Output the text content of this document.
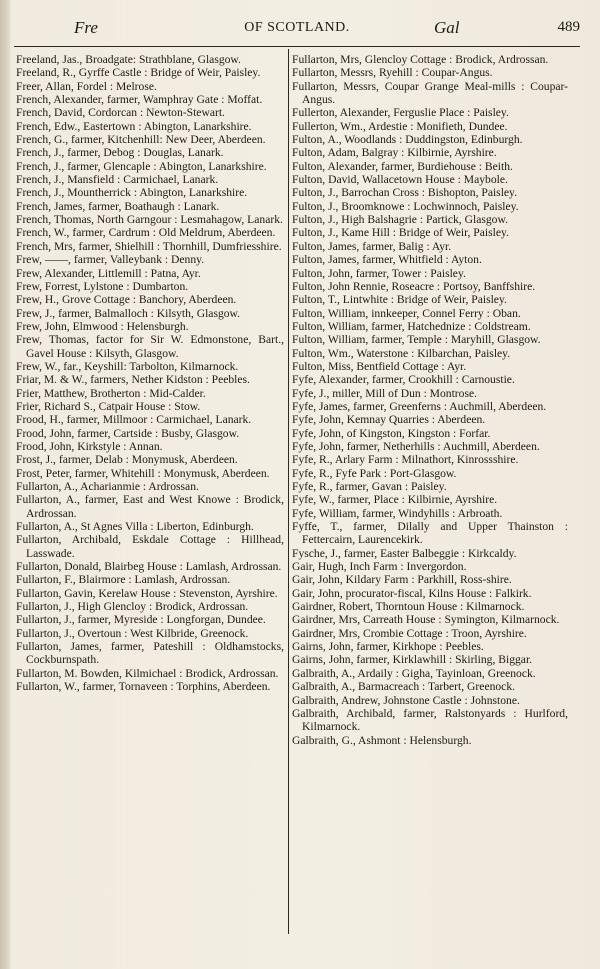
Fre	OF SCOTLAND.	Gal	489

Freeland, Jas., Broadgate: Strathblane, Glasgow.

Freeland, R., Gyrffe Castle : Bridge of Weir, Paisley.

Freer, Allan, Fordel : Melrose.

French, Alexander, farmer, Wamphray Gate : Moffat.

French, David, Cordorcan : Newton-Stewart.

French, Edw., Eastertown : Abington, Lanarkshire.

French, G., farmer, Kitchenhill: New Deer, Aberdeen.

French, J., farmer, Debog : Douglas, Lanark.

French, J., farmer, Glencaple : Abington, Lanarkshire.

French, J., Mansfield : Carmichael, Lanark.

French, J., Mountherrick : Abington, Lanarkshire.

French, James, farmer, Boathaugh : Lanark.

French, Thomas, North Garngour : Lesmahagow, Lanark.

French, W., farmer, Cardrum : Old Meldrum, Aberdeen.

French, Mrs, farmer, Shielhill : Thornhill, Dumfriesshire.

Frew, ——, farmer, Valleybank : Denny.

Frew, Alexander, Littlemill : Patna, Ayr.

Frew, Forrest, Lylstone : Dumbarton.

Frew, H., Grove Cottage : Banchory, Aberdeen.

Frew, J., farmer, Balmalloch : Kilsyth, Glasgow.

Frew, John, Elmwood : Helensburgh.

Frew, Thomas, factor for Sir W. Edmonstone, Bart., Gavel House : Kilsyth, Glasgow.

Frew, W., far., Keyshill: Tarbolton, Kilmarnock.

Friar, M. & W., farmers, Nether Kidston : Peebles.

Frier, Matthew, Brotherton : Mid-Calder.

Frier, Richard S., Catpair House : Stow.

Frood, H., farmer, Millmoor : Carmichael, Lanark.

Frood, John, farmer, Cartside : Busby, Glasgow.

Frood, John, Kirkstyle : Annan.

Frost, J., farmer, Delab : Monymusk, Aberdeen.

Frost, Peter, farmer, Whitehill : Monymusk, Aberdeen.

Fullarton, A., Acharianmie : Ardrossan.

Fullarton, A., farmer, East and West Knowe : Brodick, Ardrossan.

Fullarton, A., St Agnes Villa : Liberton, Edinburgh.

Fullarton, Archibald, Eskdale Cottage : Hillhead, Lasswade.

Fullarton, Donald, Blairbeg House : Lamlash, Ardrossan.

Fullarton, F., Blairmore : Lamlash, Ardrossan.

Fullarton, Gavin, Kerelaw House : Stevenston, Ayrshire.

Fullarton, J., High Glencloy : Brodick, Ardrossan.

Fullarton, J., farmer, Myreside : Longforgan, Dundee.

Fullarton, J., Overtoun : West Kilbride, Greenock.

Fullarton, James, farmer, Pateshill : Oldhamstocks, Cockburnspath.

Fullarton, M. Bowden, Kilmichael : Brodick, Ardrossan.

Fullarton, W., farmer, Tornaveen : Torphins, Aberdeen.

Fullarton, Mrs, Glencloy Cottage : Brodick, Ardrossan.

Fullarton, Messrs, Ryehill : Coupar-Angus.

Fullarton, Messrs, Coupar Grange Meal-mills : Coupar-Angus.

Fullerton, Alexander, Ferguslie Place : Paisley.

Fullerton, Wm., Ardestie : Monifieth, Dundee.

Fulton, A., Woodlands : Duddingston, Edinburgh.

Fulton, Adam, Balgray : Kilbirnie, Ayrshire.

Fulton, Alexander, farmer, Burdiehouse : Beith.

Fulton, David, Wallacetown House : Maybole.

Fulton, J., Barrochan Cross : Bishopton, Paisley.

Fulton, J., Broomknowe : Lochwinnoch, Paisley.

Fulton, J., High Balshagrie : Partick, Glasgow.

Fulton, J., Kame Hill : Bridge of Weir, Paisley.

Fulton, James, farmer, Balig : Ayr.

Fulton, James, farmer, Whitfield : Ayton.

Fulton, John, farmer, Tower : Paisley.

Fulton, John Rennie, Roseacre : Portsoy, Banffshire.

Fulton, T., Lintwhite : Bridge of Weir, Paisley.

Fulton, William, innkeeper, Connel Ferry : Oban.

Fulton, William, farmer, Hatchednize : Coldstream.

Fulton, William, farmer, Temple : Maryhill, Glasgow.

Fulton, Wm., Waterstone : Kilbarchan, Paisley.

Fulton, Miss, Bentfield Cottage : Ayr.

Fyfe, Alexander, farmer, Crookhill : Carnoustie.

Fyfe, J., miller, Mill of Dun : Montrose.

Fyfe, James, farmer, Greenferns : Auchmill, Aberdeen.

Fyfe, John, Kemnay Quarries : Aberdeen.

Fyfe, John, of Kingston, Kingston : Forfar.

Fyfe, John, farmer, Netherhills : Auchmill, Aberdeen.

Fyfe, R., Arlary Farm : Milnathort, Kinrossshire.

Fyfe, R., Fyfe Park : Port-Glasgow.

Fyfe, R., farmer, Gavan : Paisley.

Fyfe, W., farmer, Place : Kilbirnie, Ayrshire.

Fyfe, William, farmer, Windyhills : Arbroath.

Fyffe, T., farmer, Dilally and Upper Thainston : Fettercairn, Laurencekirk.

Fysche, J., farmer, Easter Balbeggie : Kirkcaldy.

Gair, Hugh, Inch Farm : Invergordon.

Gair, John, Kildary Farm : Parkhill, Ross-shire.

Gair, John, procurator-fiscal, Kilns House : Falkirk.

Gairdner, Robert, Thorntoun House : Kilmarnock.

Gairdner, Mrs, Carreath House : Symington, Kilmarnock.

Gairdner, Mrs, Crombie Cottage : Troon, Ayrshire.

Gairns, John, farmer, Kirkhope : Peebles.

Gairns, John, farmer, Kirklawhill : Skirling, Biggar.

Galbraith, A., Ardaily : Gigha, Tayinloan, Greenock.

Galbraith, A., Barmacreach : Tarbert, Greenock.

Galbraith, Andrew, Johnstone Castle : Johnstone.

Galbraith, Archibald, farmer, Ralstonyards : Hurlford, Kilmarnock.

Galbraith, G., Ashmont : Helensburgh.
